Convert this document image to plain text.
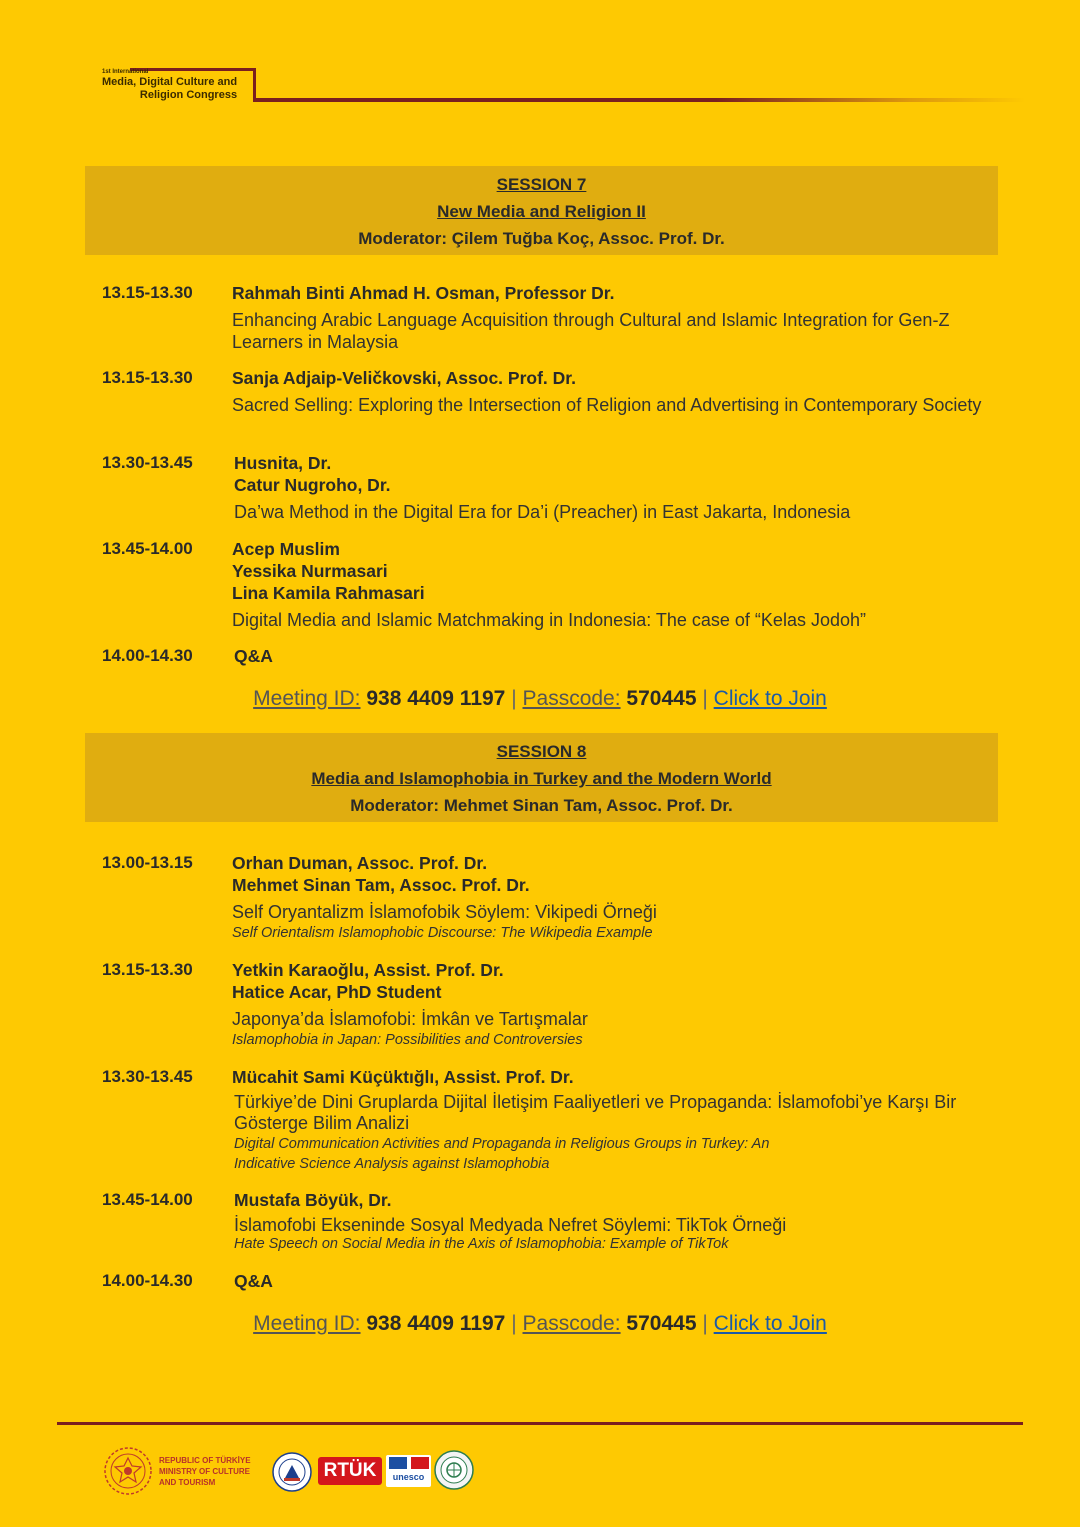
1st International
Media, Digital Culture and
Religion Congress
SESSION 7
New Media and Religion II
Moderator: Çilem Tuğba Koç, Assoc. Prof. Dr.
13.15-13.30	Rahmah Binti Ahmad H. Osman, Professor Dr.
Enhancing Arabic Language Acquisition through Cultural and Islamic Integration for Gen-Z Learners in Malaysia
13.15-13.30	Sanja Adjaip-Veličkovski, Assoc. Prof. Dr.
Sacred Selling: Exploring the Intersection of Religion and Advertising in Contemporary Society
13.30-13.45	Husnita, Dr.
Catur Nugroho, Dr.
Da’wa Method in the Digital Era for Da’i (Preacher) in East Jakarta, Indonesia
13.45-14.00	Acep Muslim
Yessika Nurmasari
Lina Kamila Rahmasari
Digital Media and Islamic Matchmaking in Indonesia: The case of “Kelas Jodoh”
14.00-14.30	Q&A
Meeting ID: 938 4409 1197 | Passcode: 570445 | Click to Join
SESSION 8
Media and Islamophobia in Turkey and the Modern World
Moderator: Mehmet Sinan Tam, Assoc. Prof. Dr.
13.00-13.15	Orhan Duman, Assoc. Prof. Dr.
Mehmet Sinan Tam, Assoc. Prof. Dr.
Self Oryantalizm İslamofobik Söylem: Vikipedi Örneği
Self Orientalism Islamophobic Discourse: The Wikipedia Example
13.15-13.30	Yetkin Karaoğlu, Assist. Prof. Dr.
Hatice Acar, PhD Student
Japonya’da İslamofobi: İmkân ve Tartışmalar
Islamophobia in Japan: Possibilities and Controversies
13.30-13.45	Mücahit Sami Küçüktığlı, Assist. Prof. Dr.
Türkiye’de Dini Gruplarda Dijital İletişim Faaliyetleri ve Propaganda: İslamofobi’ye Karşı Bir Gösterge Bilim Analizi
Digital Communication Activities and Propaganda in Religious Groups in Turkey: An Indicative Science Analysis against Islamophobia
13.45-14.00	Mustafa Böyük, Dr.
İslamofobi Ekseninde Sosyal Medyada Nefret Söylemi: TikTok Örneği
Hate Speech on Social Media in the Axis of Islamophobia: Example of TikTok
14.00-14.30	Q&A
Meeting ID: 938 4409 1197 | Passcode: 570445 | Click to Join
REPUBLIC OF TÜRKİYE
MINISTRY OF CULTURE
AND TOURISM
RTÜK	unesco
